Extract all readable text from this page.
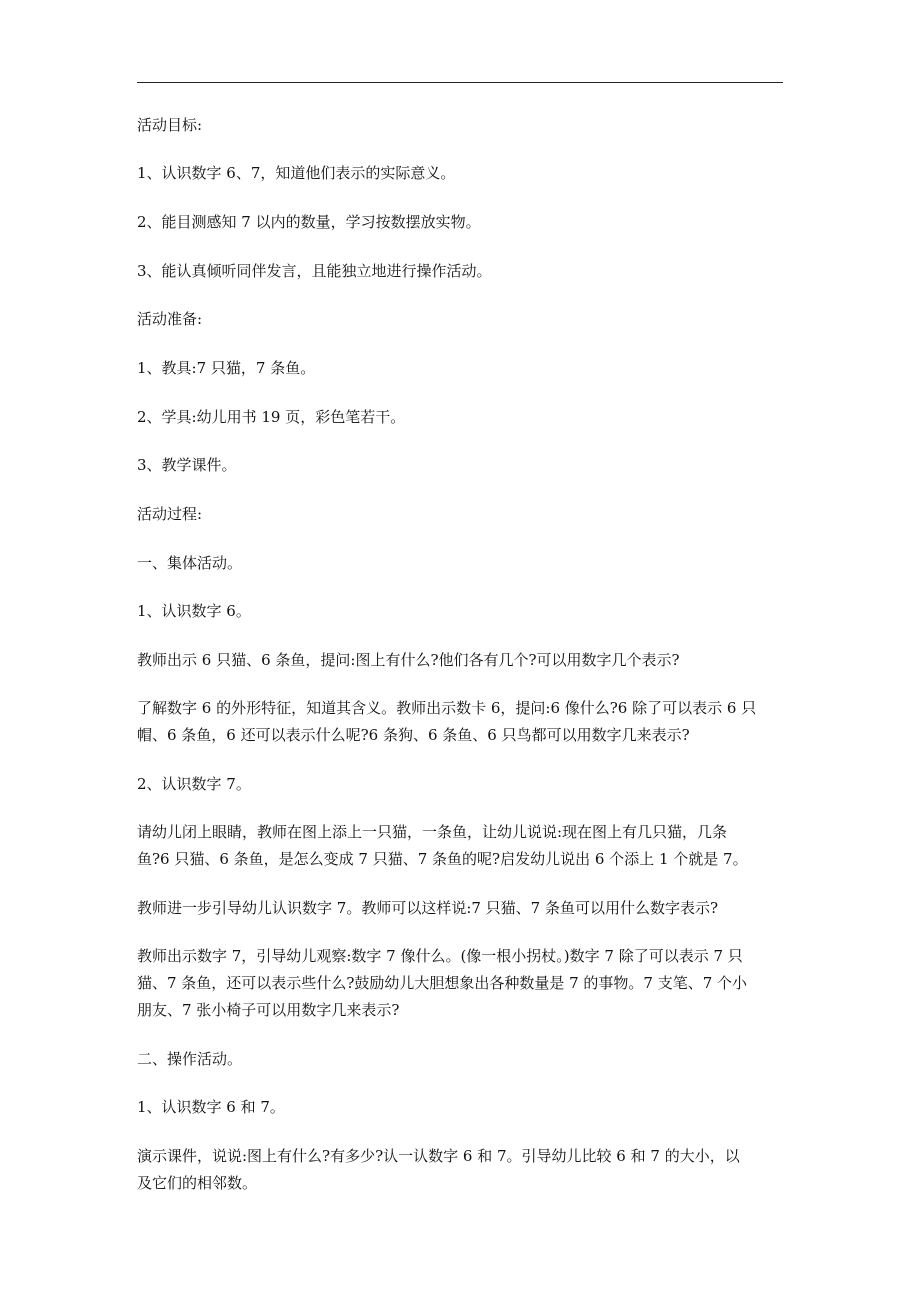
活动目标:
1、认识数字 6、7，知道他们表示的实际意义。
2、能目测感知 7 以内的数量，学习按数摆放实物。
3、能认真倾听同伴发言，且能独立地进行操作活动。
活动准备:
1、教具:7 只猫，7 条鱼。
2、学具:幼儿用书 19 页，彩色笔若干。
3、教学课件。
活动过程:
一、集体活动。
1、认识数字 6。
教师出示 6 只猫、6 条鱼，提问:图上有什么?他们各有几个?可以用数字几个表示?
了解数字 6 的外形特征，知道其含义。教师出示数卡 6，提问:6 像什么?6 除了可以表示 6 只
帽、6 条鱼，6 还可以表示什么呢?6 条狗、6 条鱼、6 只鸟都可以用数字几来表示?
2、认识数字 7。
请幼儿闭上眼睛，教师在图上添上一只猫，一条鱼，让幼儿说说:现在图上有几只猫，几条
鱼?6 只猫、6 条鱼，是怎么变成 7 只猫、7 条鱼的呢?启发幼儿说出 6 个添上 1 个就是 7。
教师进一步引导幼儿认识数字 7。教师可以这样说:7 只猫、7 条鱼可以用什么数字表示?
教师出示数字 7，引导幼儿观察:数字 7 像什么。(像一根小拐杖。)数字 7 除了可以表示 7 只
猫、7 条鱼，还可以表示些什么?鼓励幼儿大胆想象出各种数量是 7 的事物。7 支笔、7 个小
朋友、7 张小椅子可以用数字几来表示?
二、操作活动。
1、认识数字 6 和 7。
演示课件，说说:图上有什么?有多少?认一认数字 6 和 7。引导幼儿比较 6 和 7 的大小，以
及它们的相邻数。
